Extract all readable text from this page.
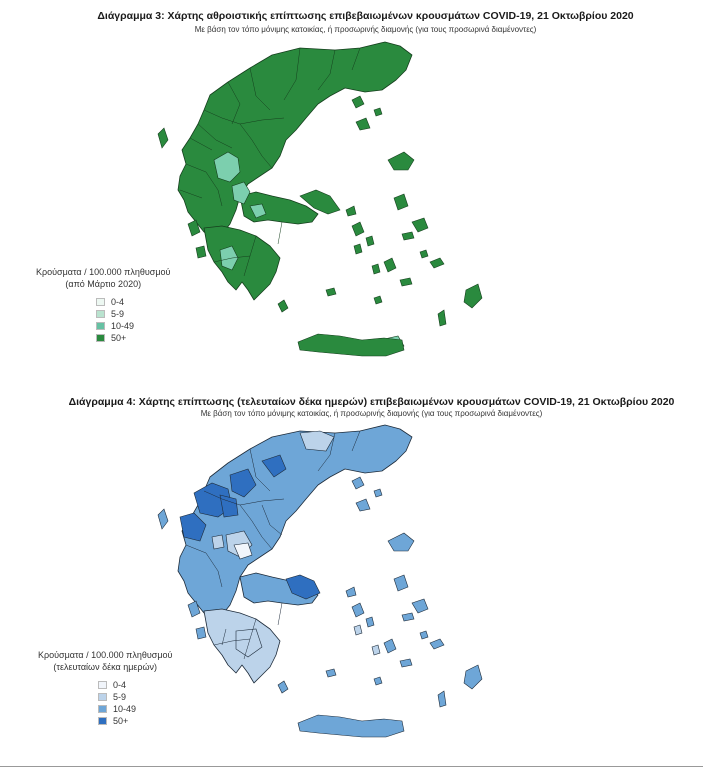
Διάγραμμα 3: Χάρτης αθροιστικής επίπτωσης επιβεβαιωμένων κρουσμάτων COVID-19, 21 Οκτωβρίου 2020
Με βάση τον τόπο μόνιμης κατοικίας, ή προσωρινής διαμονής (για τους προσωρινά διαμένοντες)
Κρούσματα / 100.000 πληθυσμού
(από Μάρτιο 2020)
0-4
5-9
10-49
50+
Διάγραμμα 4: Χάρτης επίπτωσης (τελευταίων δέκα ημερών) επιβεβαιωμένων κρουσμάτων COVID-19, 21 Οκτωβρίου 2020
Με βάση τον τόπο μόνιμης κατοικίας, ή προσωρινής διαμονής (για τους προσωρινά διαμένοντες)
Κρούσματα / 100.000 πληθυσμού
(τελευταίων δέκα ημερών)
0-4
5-9
10-49
50+
